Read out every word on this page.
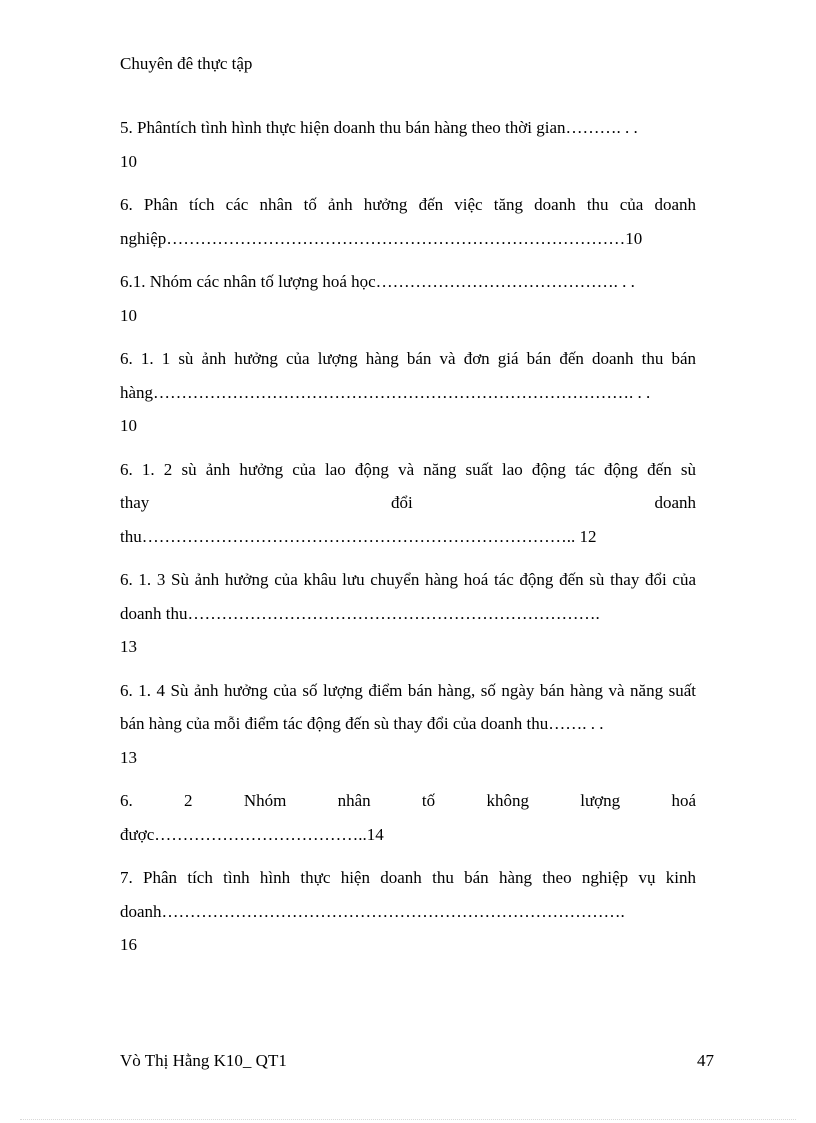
Chuyên đê thực tập
5. Phântích tình hình thực hiện doanh thu bán hàng theo thời gian………. . .
10
6. Phân tích các nhân tố ảnh hưởng đến việc tăng doanh thu của doanh
nghiệp………………………………………………………………………10
6.1. Nhóm các nhân tố lượng hoá học……………………………………. . .
10
6. 1. 1 sù ảnh hưởng của lượng hàng bán và đơn giá bán đến doanh thu bán hàng…………………………………………………………………………. . .
10
6. 1. 2 sù ảnh hưởng của lao động và năng suất lao động tác động đến sù
thay	đổi	doanh
thu………………………………………………………………….. 12
6. 1. 3 Sù ảnh hưởng của khâu lưu chuyển hàng hoá tác động đến sù thay đổi của doanh thu……………………………………………………………….
13
6. 1. 4 Sù ảnh hưởng của số lượng điểm bán hàng, số ngày bán hàng và năng suất bán hàng của mỗi điểm tác động đến sù thay đổi của doanh thu……. . .
13
6.	2	Nhóm	nhân	tố	không	lượng	hoá
được………………………………..14
7. Phân tích tình hình thực hiện doanh thu bán hàng theo nghiệp vụ kinh doanh……………………………………………………………………….
16
Vò Thị Hằng K10_ QT1	47
